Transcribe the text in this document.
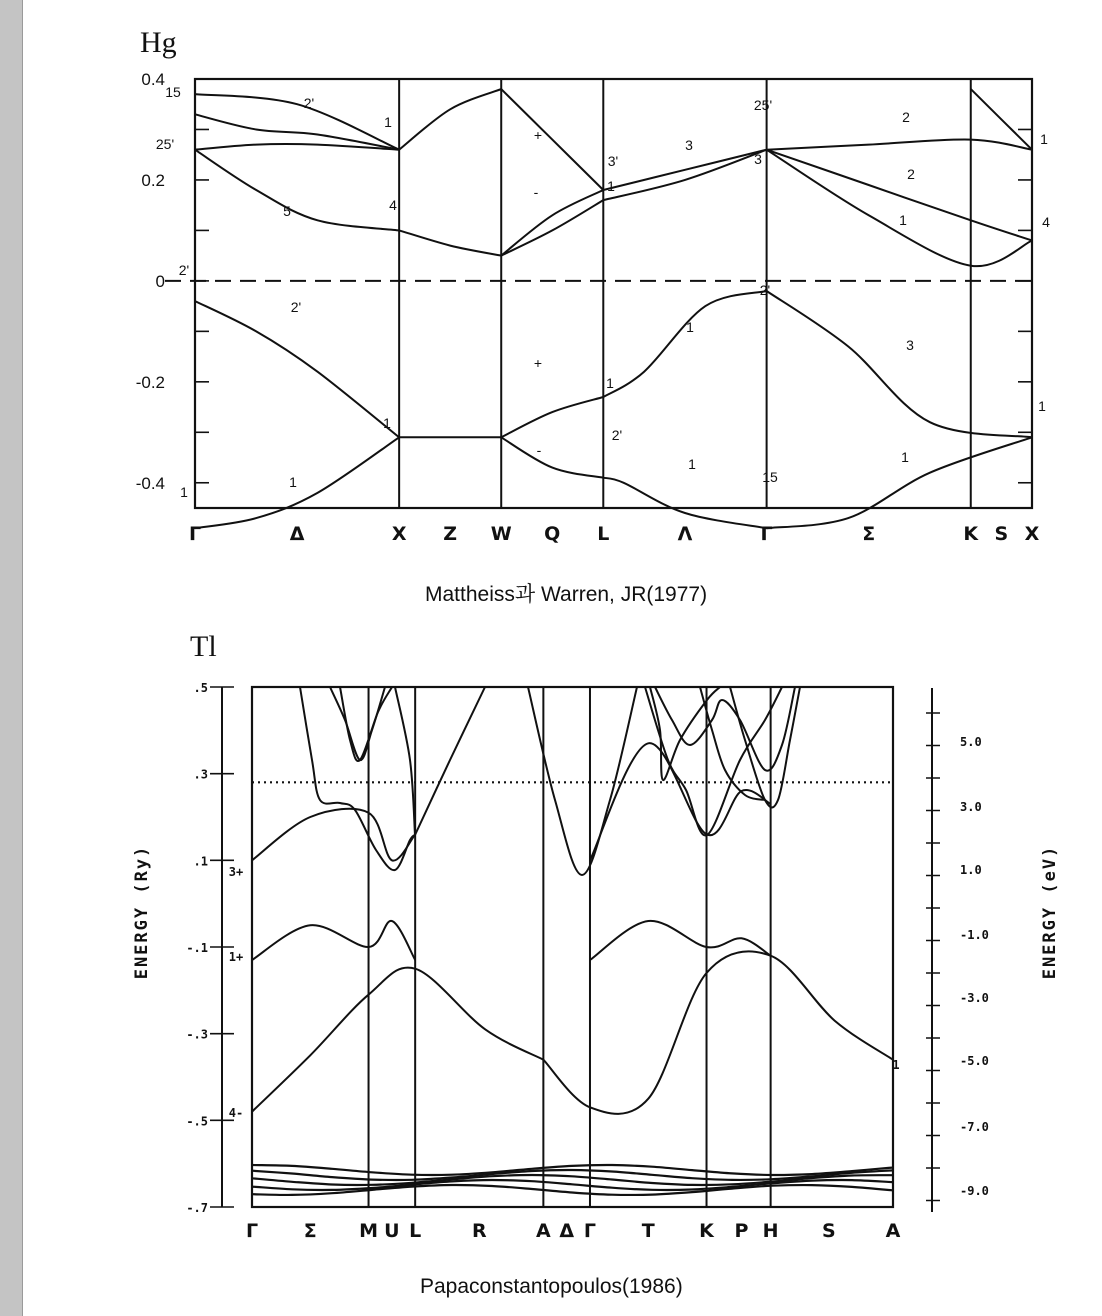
Hg
0.4
0.2
0
-0.2
-0.4
Γ	Δ	X Z W Q L	Λ	Γ	Σ	K S X
15
2'
1
25'
5	4
+
-
3'
3
2
2'
+
-
1
2'
1
3
1
1
1
1
15
25'
3
2
1
1
4
1
1
2'
1
2'
.5
.3
.1
-.1
-.3
-.5
-.7
5.0
3.0
1.0
-1.0
-3.0
-5.0
-7.0
-9.0
ENERGY (Ry)	ENERGY (eV)
Γ Σ M U L	R	A Δ Γ T K P H S	A
3+
1+
4-
1
Mattheiss과 Warren, JR(1977)
Tl
Papaconstantopoulos(1986)
